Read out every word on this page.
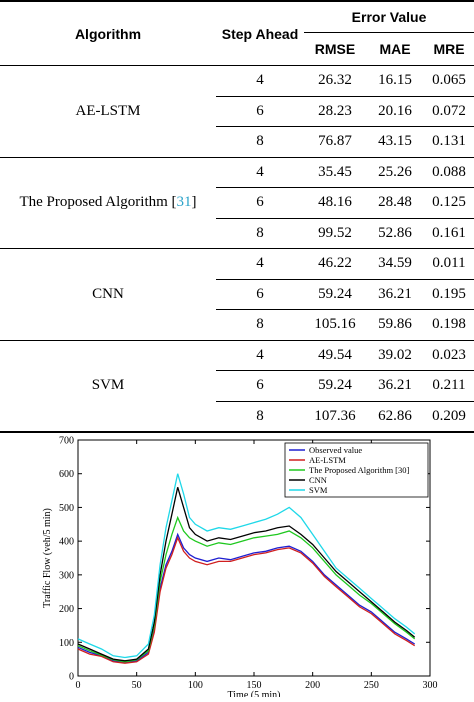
Algorithm	Step Ahead	Error Value		
		RMSE	MAE	MRE
AE-LSTM	4	26.32	16.15	0.065
	6	28.23	20.16	0.072
	8	76.87	43.15	0.131
The Proposed Algorithm [31]	4	35.45	25.26	0.088
	6	48.16	28.48	0.125
	8	99.52	52.86	0.161
CNN	4	46.22	34.59	0.011
	6	59.24	36.21	0.195
	8	105.16	59.86	0.198
SVM	4	49.54	39.02	0.023
	6	59.24	36.21	0.211
	8	107.36	62.86	0.209
0	50	100	150	200	250	300
0
100
200
300
400
500
600
700
Time (5 min)
Traffic Flow (veh/5 min)
Observed value
AE-LSTM
The Proposed Algorithm [30]
CNN
SVM
